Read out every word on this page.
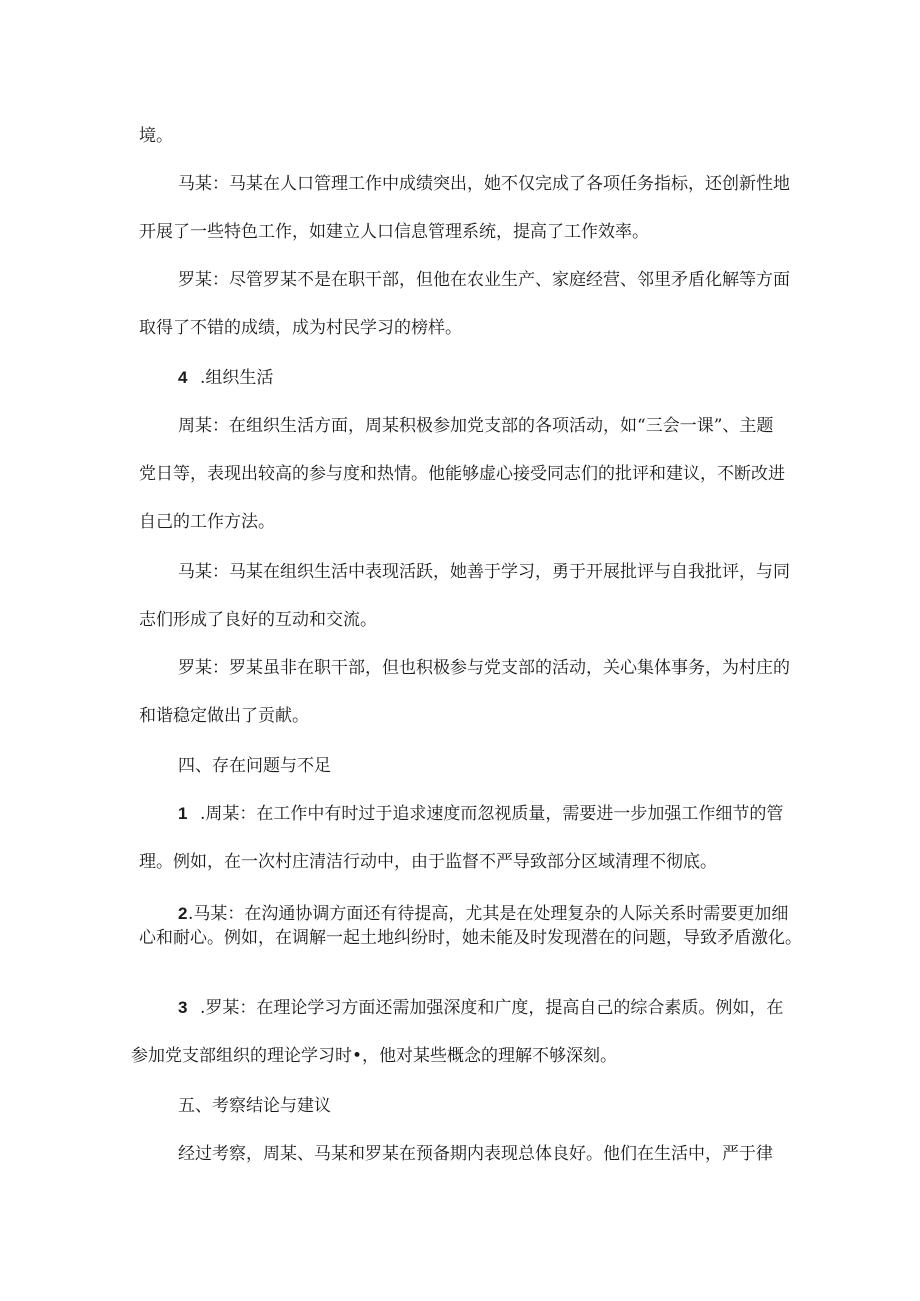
境。

马某：马某在人口管理工作中成绩突出，她不仅完成了各项任务指标，还创新性地

开展了一些特色工作，如建立人口信息管理系统，提高了工作效率。

罗某：尽管罗某不是在职干部，但他在农业生产、家庭经营、邻里矛盾化解等方面

取得了不错的成绩，成为村民学习的榜样。

4 .组织生活

周某：在组织生活方面，周某积极参加党支部的各项活动，如“三会一课”、主题

党日等，表现出较高的参与度和热情。他能够虚心接受同志们的批评和建议，不断改进

自己的工作方法。

马某：马某在组织生活中表现活跃，她善于学习，勇于开展批评与自我批评，与同

志们形成了良好的互动和交流。

罗某：罗某虽非在职干部，但也积极参与党支部的活动，关心集体事务，为村庄的

和谐稳定做出了贡献。

四、存在问题与不足

1 .周某：在工作中有时过于追求速度而忽视质量，需要进一步加强工作细节的管

理。例如，在一次村庄清洁行动中，由于监督不严导致部分区域清理不彻底。

2.马某：在沟通协调方面还有待提高，尤其是在处理复杂的人际关系时需要更加细

心和耐心。例如，在调解一起土地纠纷时，她未能及时发现潜在的问题，导致矛盾激化。

3 .罗某：在理论学习方面还需加强深度和广度，提高自己的综合素质。例如，在

参加党支部组织的理论学习时•，他对某些概念的理解不够深刻。

五、考察结论与建议

经过考察，周某、马某和罗某在预备期内表现总体良好。他们在生活中，严于律
